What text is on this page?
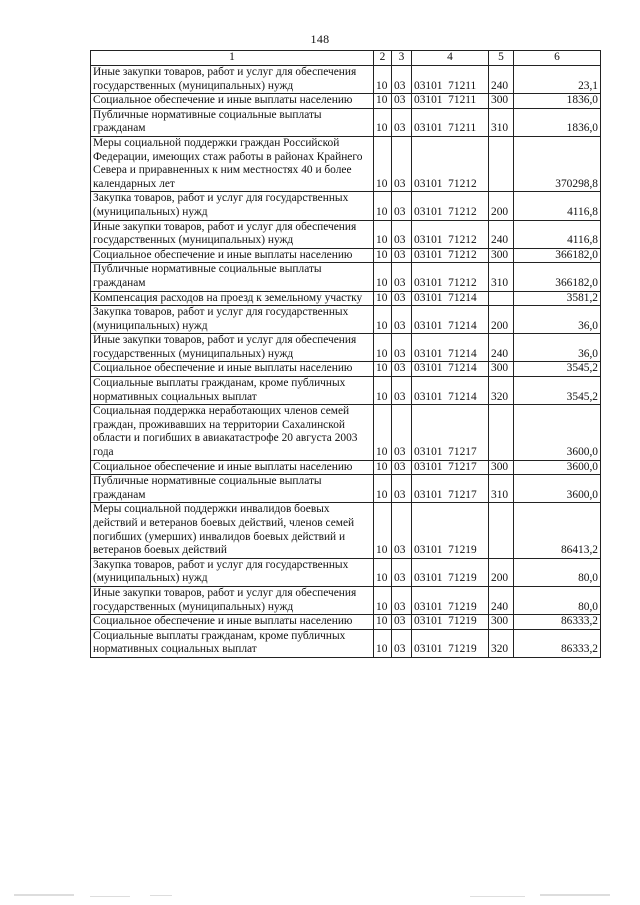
148
1	2	3	4	5	6
Иные закупки товаров, работ и услуг для обеспечения государственных (муниципальных) нужд	10	03	03101  71211	240	23,1
Социальное обеспечение и иные выплаты населению	10	03	03101  71211	300	1836,0
Публичные нормативные социальные выплаты гражданам	10	03	03101  71211	310	1836,0
Меры социальной поддержки граждан Российской Федерации, имеющих стаж работы в районах Крайнего Севера и приравненных к ним местностях 40 и более календарных лет	10	03	03101  71212		370298,8
Закупка товаров, работ и услуг для государственных (муниципальных) нужд	10	03	03101  71212	200	4116,8
Иные закупки товаров, работ и услуг для обеспечения государственных (муниципальных) нужд	10	03	03101  71212	240	4116,8
Социальное обеспечение и иные выплаты населению	10	03	03101  71212	300	366182,0
Публичные нормативные социальные выплаты гражданам	10	03	03101  71212	310	366182,0
Компенсация расходов на проезд к земельному участку	10	03	03101  71214		3581,2
Закупка товаров, работ и услуг для государственных (муниципальных) нужд	10	03	03101  71214	200	36,0
Иные закупки товаров, работ и услуг для обеспечения государственных (муниципальных) нужд	10	03	03101  71214	240	36,0
Социальное обеспечение и иные выплаты населению	10	03	03101  71214	300	3545,2
Социальные выплаты гражданам, кроме публичных нормативных социальных выплат	10	03	03101  71214	320	3545,2
Социальная поддержка неработающих членов семей граждан, проживавших на территории Сахалинской области и погибших в авиакатастрофе 20 августа 2003 года	10	03	03101  71217		3600,0
Социальное обеспечение и иные выплаты населению	10	03	03101  71217	300	3600,0
Публичные нормативные социальные выплаты гражданам	10	03	03101  71217	310	3600,0
Меры социальной поддержки инвалидов боевых действий и ветеранов боевых действий, членов семей погибших (умерших) инвалидов боевых действий и ветеранов боевых действий	10	03	03101  71219		86413,2
Закупка товаров, работ и услуг для государственных (муниципальных) нужд	10	03	03101  71219	200	80,0
Иные закупки товаров, работ и услуг для обеспечения государственных (муниципальных) нужд	10	03	03101  71219	240	80,0
Социальное обеспечение и иные выплаты населению	10	03	03101  71219	300	86333,2
Социальные выплаты гражданам, кроме публичных нормативных социальных выплат	10	03	03101  71219	320	86333,2
